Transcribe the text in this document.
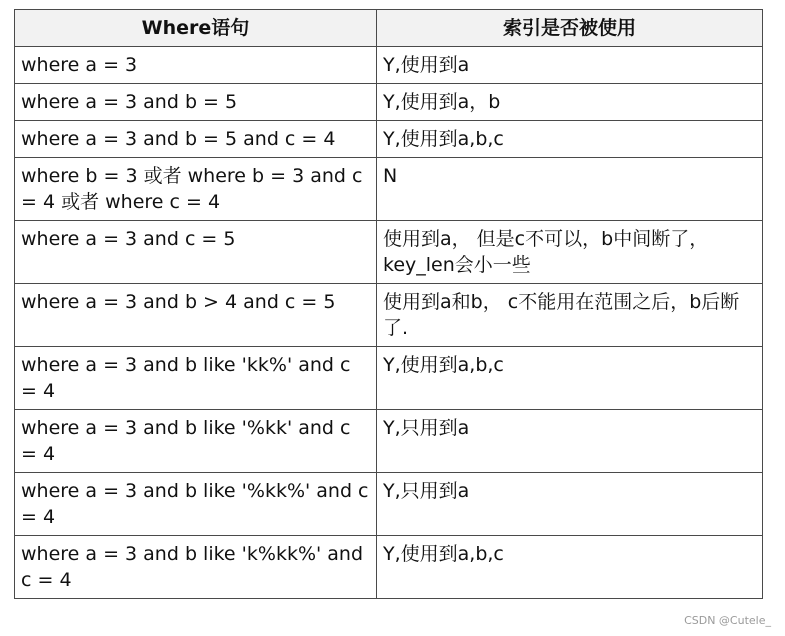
Where语句	索引是否被使用
where a = 3	Y,使用到a
where a = 3 and b = 5	Y,使用到a，b
where a = 3 and b = 5 and c = 4	Y,使用到a,b,c
where b = 3 或者 where b = 3 and c = 4 或者 where c = 4	N
where a = 3 and c = 5	使用到a， 但是c不可以，b中间断了，key_len会小一些
where a = 3 and b > 4 and c = 5	使用到a和b， c不能用在范围之后，b后断了.
where a = 3 and b like 'kk%' and c = 4	Y,使用到a,b,c
where a = 3 and b like '%kk' and c = 4	Y,只用到a
where a = 3 and b like '%kk%' and c = 4	Y,只用到a
where a = 3 and b like 'k%kk%' and c = 4	Y,使用到a,b,c
CSDN @Cutele_
